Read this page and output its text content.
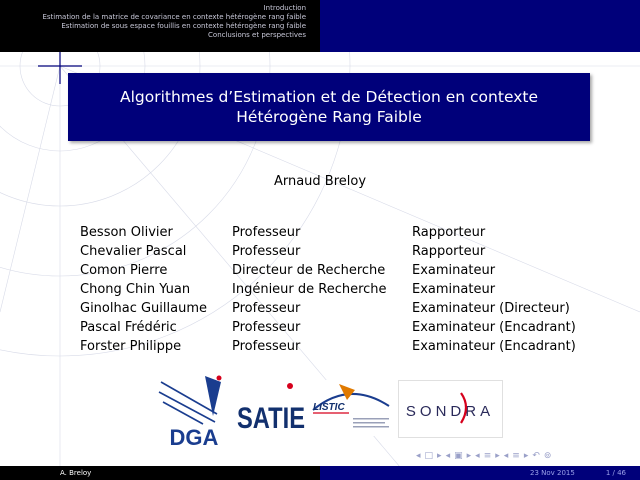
Introduction
Estimation de la matrice de covariance en contexte hétérogène rang faible
Estimation de sous espace fouillis en contexte hétérogène rang faible
Conclusions et perspectives
Algorithmes d’Estimation et de Détection en contexte
Hétérogène Rang Faible
Arnaud Breloy
Besson Olivier	Professeur	Rapporteur
Chevalier Pascal	Professeur	Rapporteur
Comon Pierre	Directeur de Recherche	Examinateur
Chong Chin Yuan	Ingénieur de Recherche	Examinateur
Ginolhac Guillaume	Professeur	Examinateur (Directeur)
Pascal Frédéric	Professeur	Examinateur (Encadrant)
Forster Philippe	Professeur	Examinateur (Encadrant)
DGA
SATIE LISTIC	SONDRA
◂ □ ▸ ◂ ▣ ▸ ◂ ≡ ▸ ◂ ≡ ▸ ↶ ⊚
A. Breloy	23 Nov 2015	1 / 46
